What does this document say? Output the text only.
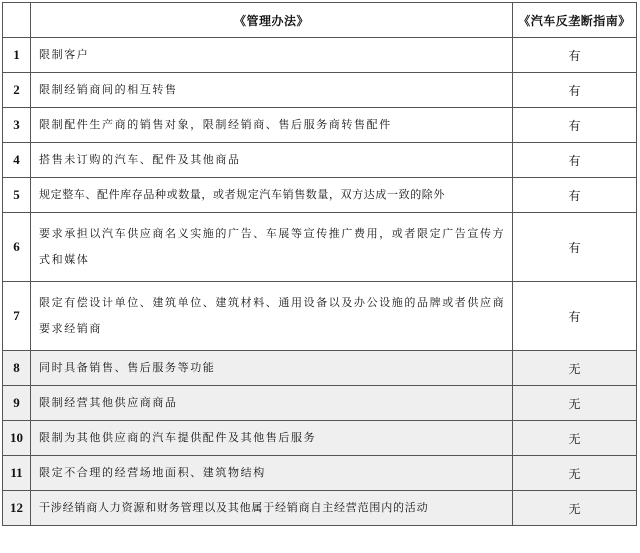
	《管理办法》	《汽车反垄断指南》
1	限制客户	有
2	限制经销商间的相互转售	有
3	限制配件生产商的销售对象，限制经销商、售后服务商转售配件	有
4	搭售未订购的汽车、配件及其他商品	有
5	规定整车、配件库存品种或数量，或者规定汽车销售数量，双方达成一致的除外	有
6	要求承担以汽车供应商名义实施的广告、车展等宣传推广费用，或者限定广告宣传方式和媒体	有
7	限定有偿设计单位、建筑单位、建筑材料、通用设备以及办公设施的品牌或者供应商要求经销商	有
8	同时具备销售、售后服务等功能	无
9	限制经营其他供应商商品	无
10	限制为其他供应商的汽车提供配件及其他售后服务	无
11	限定不合理的经营场地面积、建筑物结构	无
12	干涉经销商人力资源和财务管理以及其他属于经销商自主经营范围内的活动	无
